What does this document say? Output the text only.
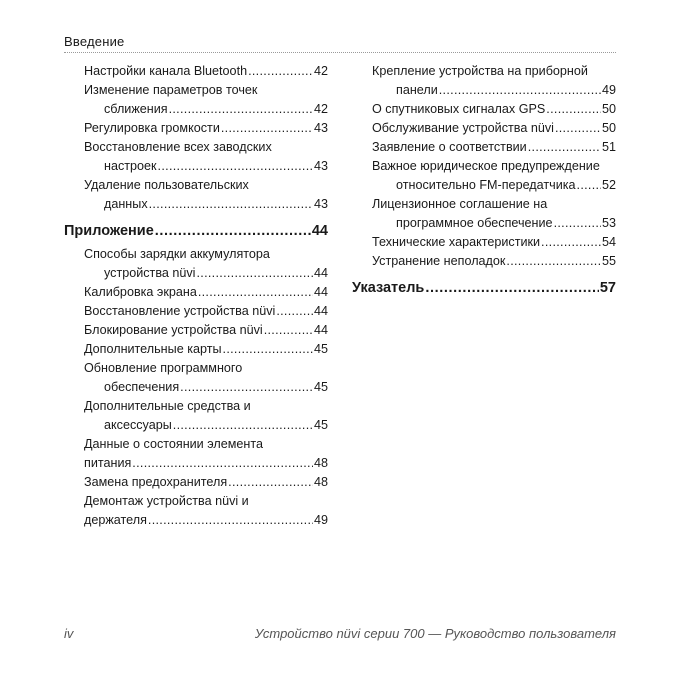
Введение
Настройки канала Bluetooth .....	42
Изменение параметров точек
сближения .....	42
Регулировка громкости .....	43
Восстановление всех заводских
настроек .....	43
Удаление пользовательских
данных .....	43
Приложение .....	44
Способы зарядки аккумулятора
устройства nüvi .....	44
Калибровка экрана .....	44
Восстановление устройства nüvi .....	44
Блокирование устройства nüvi .....	44
Дополнительные карты .....	45
Обновление программного
обеспечения .....	45
Дополнительные средства и
аксессуары .....	45
Данные о состоянии элемента
питания .....	48
Замена предохранителя .....	48
Демонтаж устройства nüvi и
держателя .....	49
Крепление устройства на приборной
панели .....	49
О спутниковых сигналах GPS .....	50
Обслуживание устройства nüvi .....	50
Заявление о соответствии .....	51
Важное юридическое предупреждение
относительно FM-передатчика ..... 52
Лицензионное соглашение на
программное обеспечение .....	53
Технические характеристики .....	54
Устранение неполадок .....	55
Указатель .....	57
iv	Устройство nüvi серии 700 — Руководство пользователя
